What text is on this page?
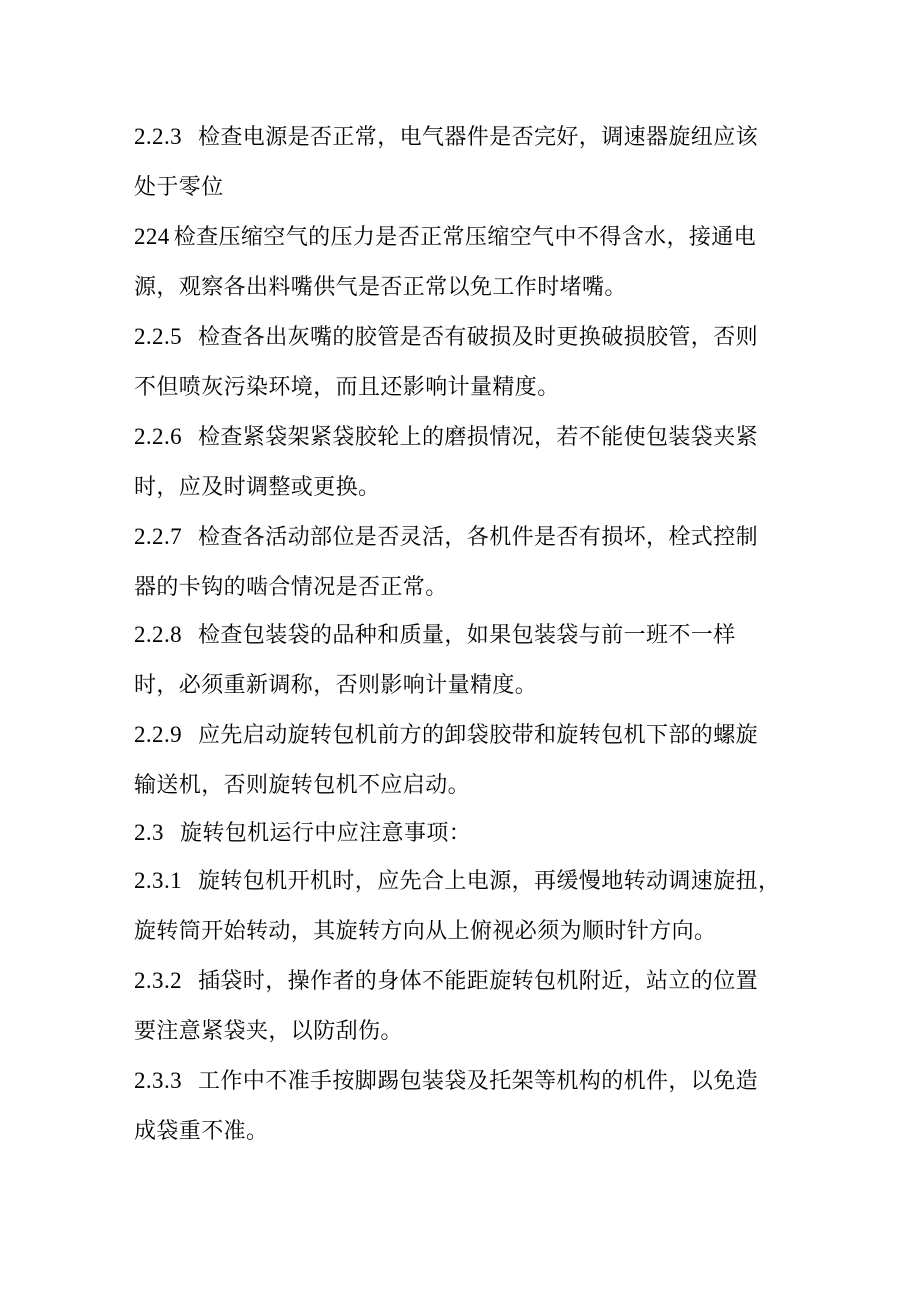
2.2.3 检查电源是否正常，电气器件是否完好，调速器旋纽应该
处于零位
224 检查压缩空气的压力是否正常压缩空气中不得含水，接通电
源，观察各出料嘴供气是否正常以免工作时堵嘴。
2.2.5 检查各出灰嘴的胶管是否有破损及时更换破损胶管，否则
不但喷灰污染环境，而且还影响计量精度。
2.2.6 检查紧袋架紧袋胶轮上的磨损情况，若不能使包装袋夹紧
时，应及时调整或更换。
2.2.7 检查各活动部位是否灵活，各机件是否有损坏，栓式控制
器的卡钩的啮合情况是否正常。
2.2.8 检查包装袋的品种和质量，如果包装袋与前一班不一样
时，必须重新调称，否则影响计量精度。
2.2.9 应先启动旋转包机前方的卸袋胶带和旋转包机下部的螺旋
输送机，否则旋转包机不应启动。
2.3 旋转包机运行中应注意事项：
2.3.1 旋转包机开机时，应先合上电源，再缓慢地转动调速旋扭，
旋转筒开始转动，其旋转方向从上俯视必须为顺时针方向。
2.3.2 插袋时，操作者的身体不能距旋转包机附近，站立的位置
要注意紧袋夹，以防刮伤。
2.3.3 工作中不准手按脚踢包装袋及托架等机构的机件，以免造
成袋重不准。
